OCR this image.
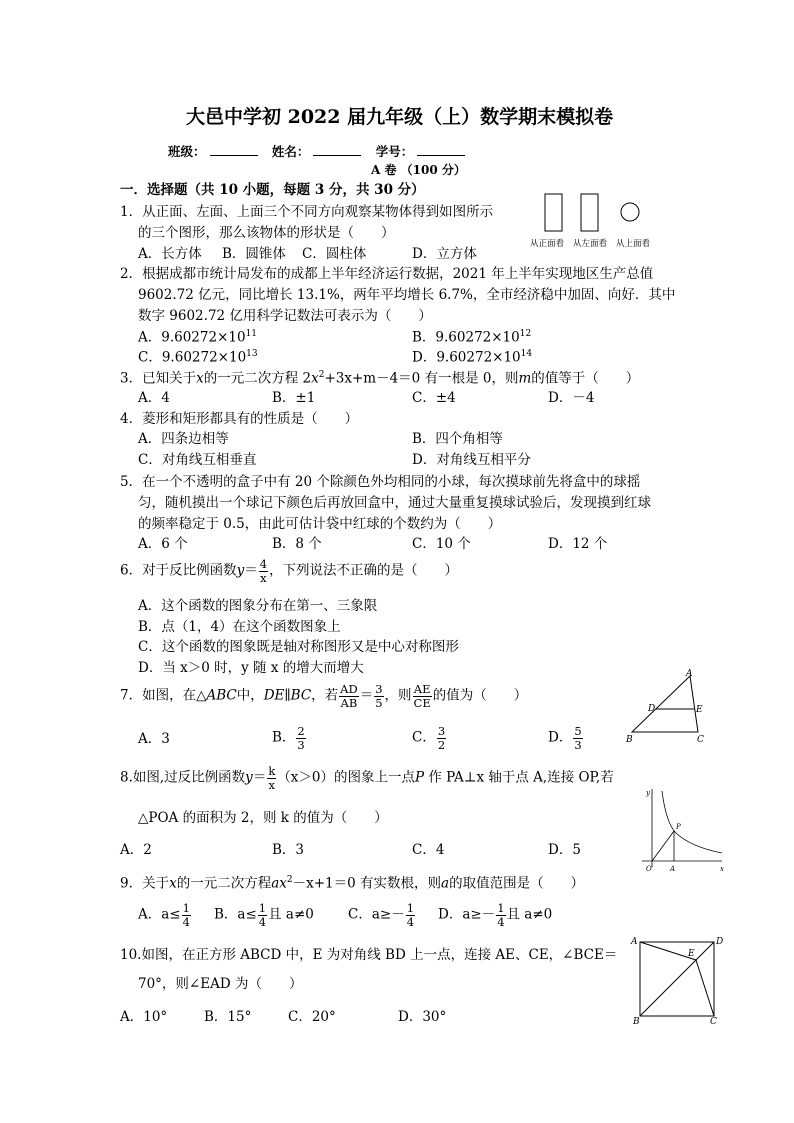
大邑中学初 2022 届九年级（上）数学期末模拟卷
班级：	姓名：	学号：
A 卷 （100 分）
一．选择题（共 10 小题，每题 3 分，共 30 分）
1．从正面、左面、上面三个不同方向观察某物体得到如图所示
的三个图形，那么该物体的形状是（　　）
A．长方体 B．圆锥体 C．圆柱体	D．立方体
从正面看 从左面看 从上面看
2．根据成都市统计局发布的成都上半年经济运行数据，2021 年上半年实现地区生产总值
9602.72 亿元，同比增长 13.1%，两年平均增长 6.7%，全市经济稳中加固、向好．其中
数字 9602.72 亿用科学记数法可表示为（　　）
A．$9.60272\times 10^{11}$	B．$9.60272\times 10^{12}$
C．$9.60272\times 10^{13}$	D．$9.60272\times 10^{14}$
3．已知关于x的一元二次方程 $2x^2+3x+m-4=0$ 有一根是 0，则m的值等于（　　）
A．4	B．±1	C．±4	D．－4
4．菱形和矩形都具有的性质是（　　）
A．四条边相等	B．四个角相等
C．对角线互相垂直	D．对角线互相平分
5．在一个不透明的盒子中有 20 个除颜色外均相同的小球，每次摸球前先将盒中的球摇
匀，随机摸出一个球记下颜色后再放回盒中，通过大量重复摸球试验后，发现摸到红球
的频率稳定于 0.5，由此可估计袋中红球的个数约为（　　）
A．6 个	B．8 个	C．10 个	D．12 个
6．对于反比例函数$y= \frac{4}{x}$ ，下列说法不正确的是（　　）
A．这个函数的图象分布在第一、三象限
B．点（1，4）在这个函数图象上
C．这个函数的图象既是轴对称图形又是中心对称图形
D．当 x＞0 时，y 随 x 的增大而增大
7．如图，在△ABC中，DE∥BC，若 $\frac{AD}{AB} = \frac{3}{5}$ ，则 $\frac{AE}{CE}$ 的值为（　　）
A．3	B． $\frac{2}{3}$	C． $\frac{3}{2}$	D． $\frac{5}{3}$
A
B	C
D	E
8.如图,过反比例函数$y= \frac{k}{x} (x>0)$的图象上一点P 作 PA⊥x 轴于点 A,连接 OP,若
△POA 的面积为 2，则 k 的值为（　　）
A．2	B．3	C．4	D．5
y
x
O	A
P
9．关于x的一元二次方程$ax^2-x+1=0$ 有实数根，则a的取值范围是（　　）
A．$a\le \frac{1}{4}$ B．$a\le \frac{1}{4}$ 且 a≠0	C．$a\ge- \frac{1}{4}$ D．$a\ge- \frac{1}{4}$ 且 a≠0
10.如图，在正方形 ABCD 中，E 为对角线 BD 上一点，连接 AE、CE，∠BCE＝
70°，则∠EAD 为（　　）
A．10°	B．15°	C．20°	D．30°
A	D
B	C
E
